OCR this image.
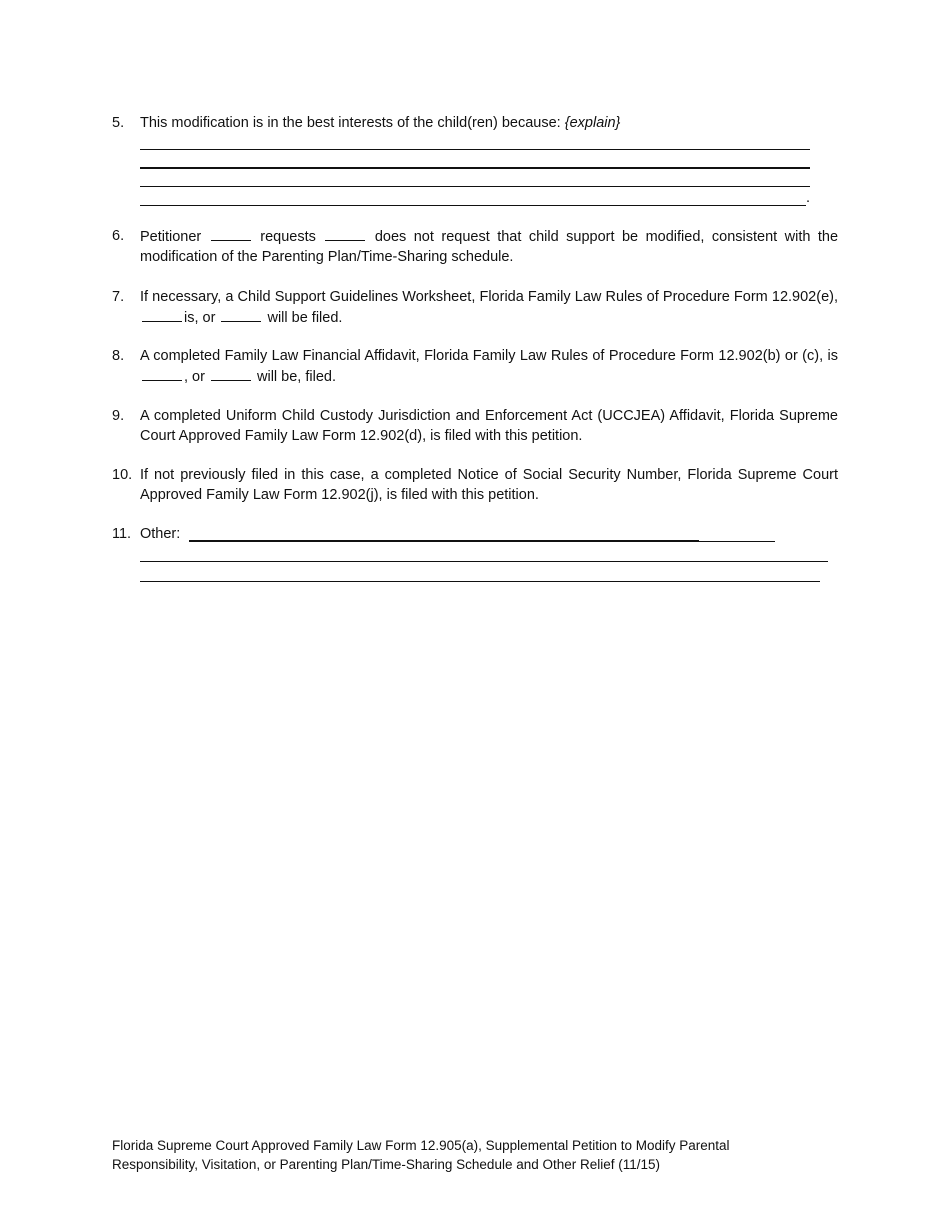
5.	This modification is in the best interests of the child(ren) because: {explain}
.
6.	Petitioner	requests	does not request that child support be modified, consistent with the modification of the Parenting Plan/Time-Sharing schedule.
7.	If necessary, a Child Support Guidelines Worksheet, Florida Family Law Rules of Procedure Form 12.902(e), is, or	will be filed.
8.	A completed Family Law Financial Affidavit, Florida Family Law Rules of Procedure Form 12.902(b) or (c), is , or	will be, filed.
9.	A completed Uniform Child Custody Jurisdiction and Enforcement Act (UCCJEA) Affidavit, Florida Supreme Court Approved Family Law Form 12.902(d), is filed with this petition.
10. If not previously filed in this case, a completed Notice of Social Security Number, Florida Supreme Court Approved Family Law Form 12.902(j), is filed with this petition.
11. Other:
Florida Supreme Court Approved Family Law Form 12.905(a), Supplemental Petition to Modify Parental
Responsibility, Visitation, or Parenting Plan/Time-Sharing Schedule and Other Relief (11/15)
